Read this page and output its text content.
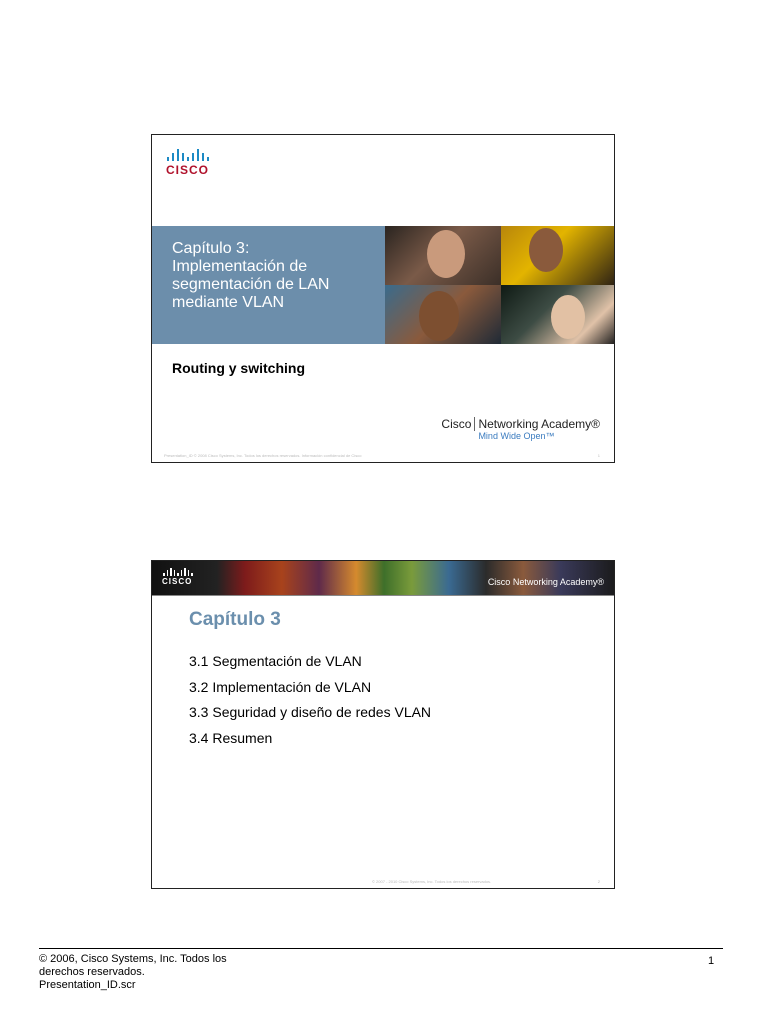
CISCO
Capítulo 3:
Implementación de
segmentación de LAN
mediante VLAN
Routing y switching
Cisco Networking Academy®
Mind Wide Open™
Presentation_ID © 2008 Cisco Systems, Inc. Todos los derechos reservados. Información confidencial de Cisco	1
CISCO	Cisco Networking Academy®
Capítulo 3
3.1 Segmentación de VLAN
3.2 Implementación de VLAN
3.3 Seguridad y diseño de redes VLAN
3.4 Resumen
© 2007 - 2010 Cisco Systems, Inc. Todos los derechos reservados.	2
© 2006, Cisco Systems, Inc. Todos los
derechos reservados.
Presentation_ID.scr
1
